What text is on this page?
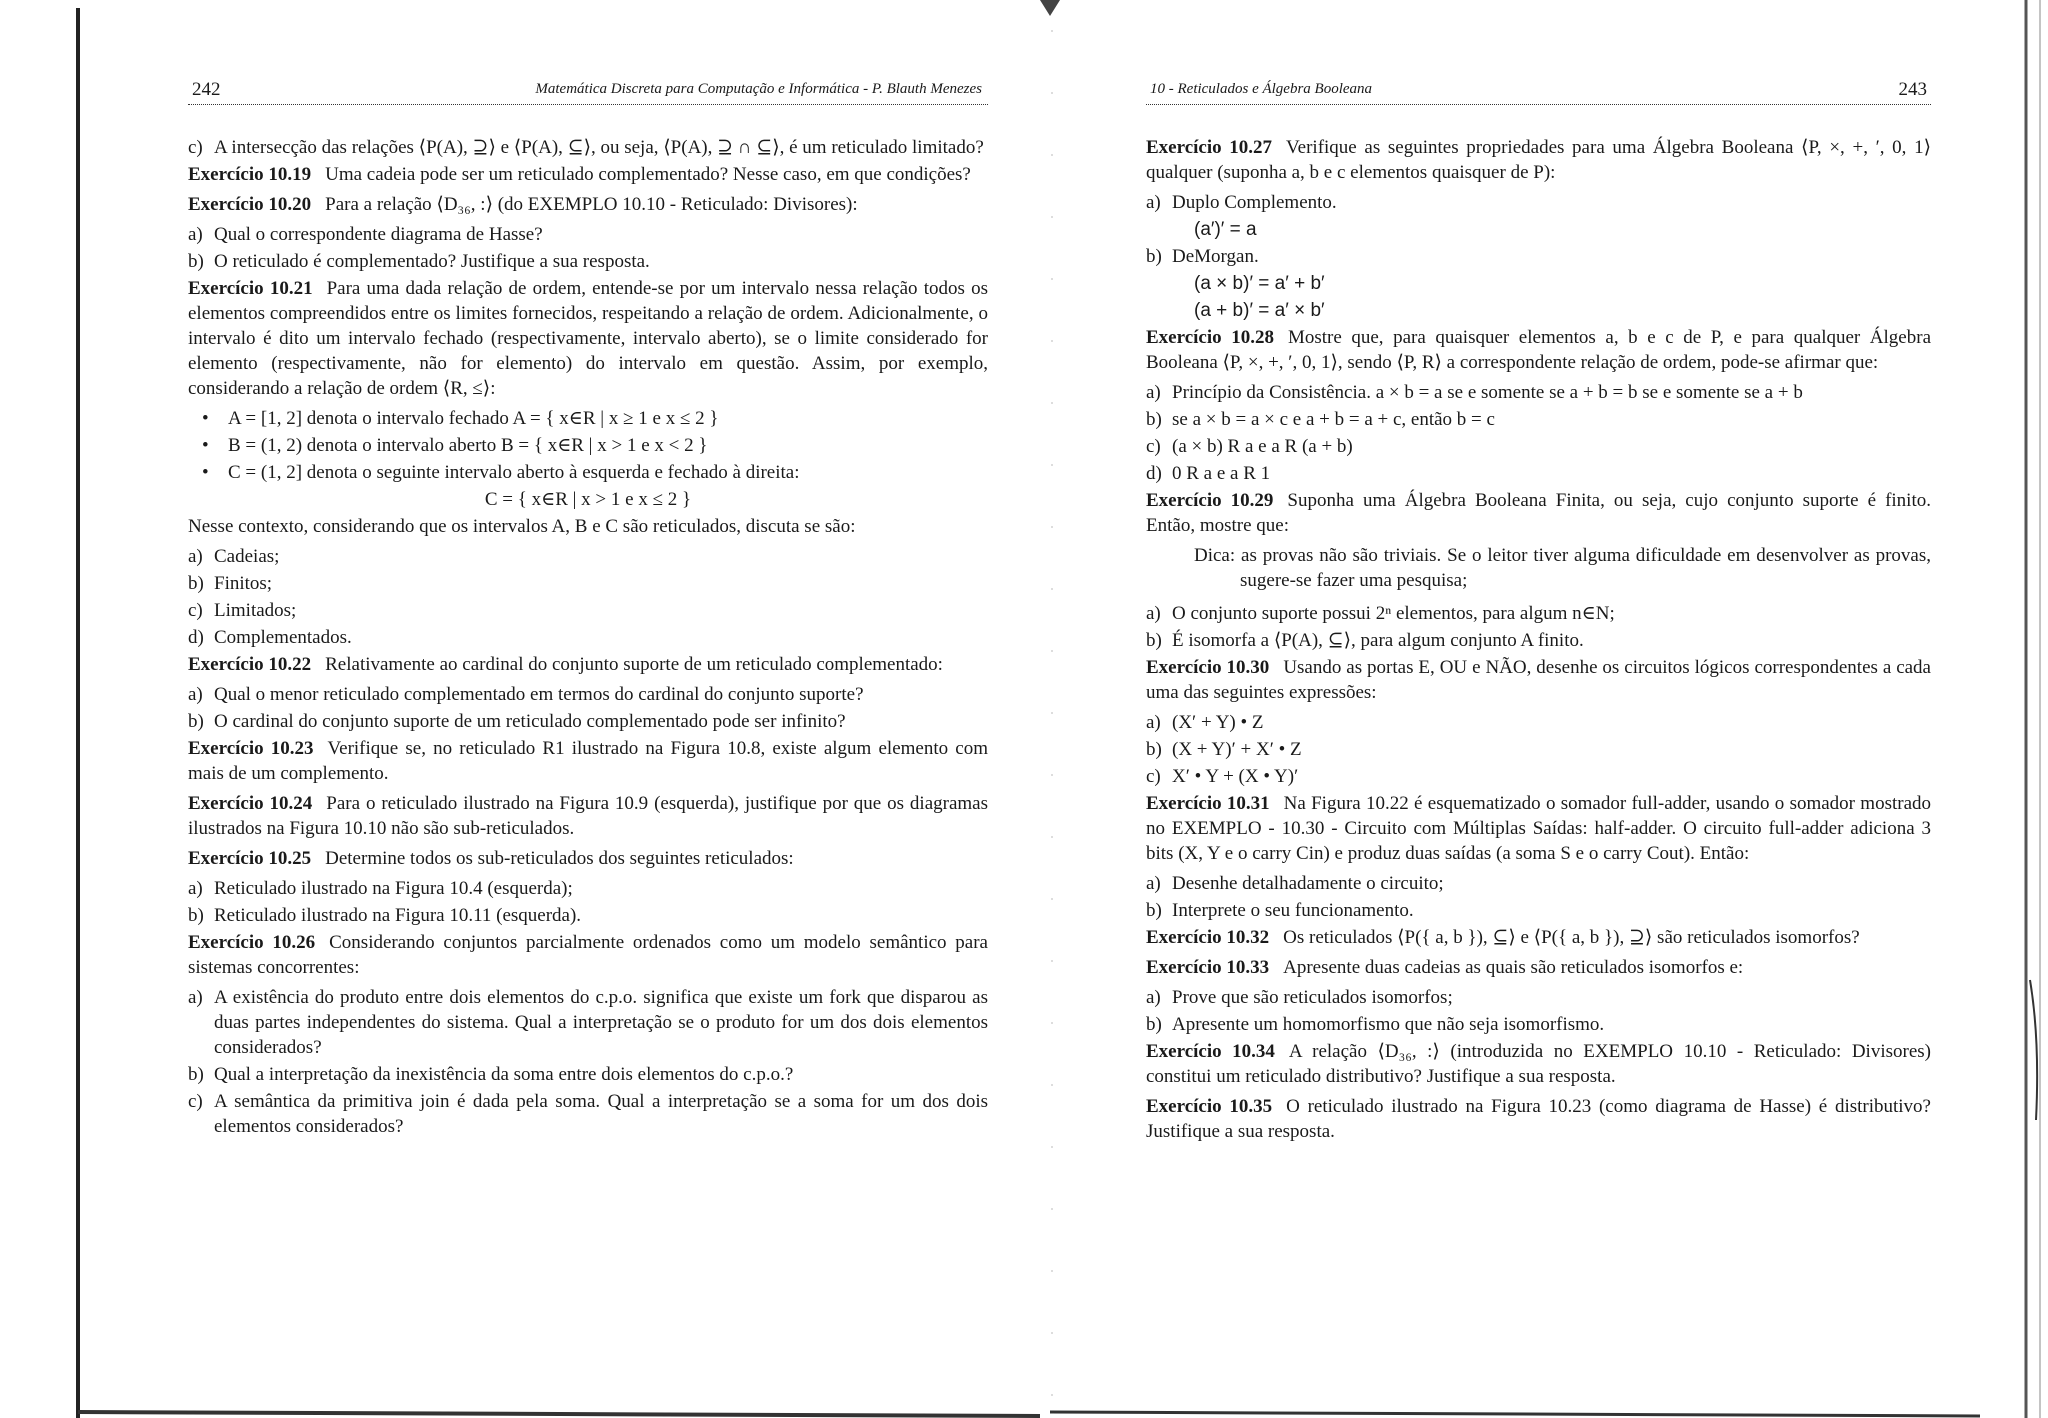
242	Matemática Discreta para Computação e Informática - P. Blauth Menezes
c) A intersecção das relações ⟨P(A), ⊇⟩ e ⟨P(A), ⊆⟩, ou seja, ⟨P(A), ⊇ ∩ ⊆⟩, é um reticulado limitado?
Exercício 10.19 Uma cadeia pode ser um reticulado complementado? Nesse caso, em que condições?
Exercício 10.20 Para a relação ⟨D₃₆, :⟩ (do EXEMPLO 10.10 - Reticulado: Divisores):
a) Qual o correspondente diagrama de Hasse?
b) O reticulado é complementado? Justifique a sua resposta.
Exercício 10.21 Para uma dada relação de ordem, entende-se por um intervalo nessa relação todos os elementos compreendidos entre os limites fornecidos, respeitando a relação de ordem. Adicionalmente, o intervalo é dito um intervalo fechado (respectivamente, intervalo aberto), se o limite considerado for elemento (respectivamente, não for elemento) do intervalo em questão. Assim, por exemplo, considerando a relação de ordem ⟨R, ≤⟩:
• A = [1, 2] denota o intervalo fechado A = { x∈R | x ≥ 1 e x ≤ 2 }
• B = (1, 2) denota o intervalo aberto B = { x∈R | x > 1 e x < 2 }
• C = (1, 2] denota o seguinte intervalo aberto à esquerda e fechado à direita:
C = { x∈R | x > 1 e x ≤ 2 }
Nesse contexto, considerando que os intervalos A, B e C são reticulados, discuta se são:
a) Cadeias;
b) Finitos;
c) Limitados;
d) Complementados.
Exercício 10.22 Relativamente ao cardinal do conjunto suporte de um reticulado complementado:
a) Qual o menor reticulado complementado em termos do cardinal do conjunto suporte?
b) O cardinal do conjunto suporte de um reticulado complementado pode ser infinito?
Exercício 10.23 Verifique se, no reticulado R1 ilustrado na Figura 10.8, existe algum elemento com mais de um complemento.
Exercício 10.24 Para o reticulado ilustrado na Figura 10.9 (esquerda), justifique por que os diagramas ilustrados na Figura 10.10 não são sub-reticulados.
Exercício 10.25 Determine todos os sub-reticulados dos seguintes reticulados:
a) Reticulado ilustrado na Figura 10.4 (esquerda);
b) Reticulado ilustrado na Figura 10.11 (esquerda).
Exercício 10.26 Considerando conjuntos parcialmente ordenados como um modelo semântico para sistemas concorrentes:
a) A existência do produto entre dois elementos do c.p.o. significa que existe um fork que disparou as duas partes independentes do sistema. Qual a interpretação se o produto for um dos dois elementos considerados?
b) Qual a interpretação da inexistência da soma entre dois elementos do c.p.o.?
c) A semântica da primitiva join é dada pela soma. Qual a interpretação se a soma for um dos dois elementos considerados?
10 - Reticulados e Álgebra Booleana	243
Exercício 10.27 Verifique as seguintes propriedades para uma Álgebra Booleana ⟨P, ×, +, ′, 0, 1⟩ qualquer (suponha a, b e c elementos quaisquer de P):
a) Duplo Complemento.
(a′)′ = a
b) DeMorgan.
(a × b)′ = a′ + b′
(a + b)′ = a′ × b′
Exercício 10.28 Mostre que, para quaisquer elementos a, b e c de P, e para qualquer Álgebra Booleana ⟨P, ×, +, ′, 0, 1⟩, sendo ⟨P, R⟩ a correspondente relação de ordem, pode-se afirmar que:
a) Princípio da Consistência. a × b = a se e somente se a + b = b se e somente se a + b
b) se a × b = a × c e a + b = a + c, então b = c
c) (a × b) R a e a R (a + b)
d) 0 R a e a R 1
Exercício 10.29 Suponha uma Álgebra Booleana Finita, ou seja, cujo conjunto suporte é finito. Então, mostre que:
Dica: as provas não são triviais. Se o leitor tiver alguma dificuldade em desenvolver as provas, sugere-se fazer uma pesquisa;
a) O conjunto suporte possui 2ⁿ elementos, para algum n∈N;
b) É isomorfa a ⟨P(A), ⊆⟩, para algum conjunto A finito.
Exercício 10.30 Usando as portas E, OU e NÃO, desenhe os circuitos lógicos correspondentes a cada uma das seguintes expressões:
a) (X′ + Y) • Z
b) (X + Y)′ + X′ • Z
c) X′ • Y + (X • Y)′
Exercício 10.31 Na Figura 10.22 é esquematizado o somador full-adder, usando o somador mostrado no EXEMPLO - 10.30 - Circuito com Múltiplas Saídas: half-adder. O circuito full-adder adiciona 3 bits (X, Y e o carry Cin) e produz duas saídas (a soma S e o carry Cout). Então:
a) Desenhe detalhadamente o circuito;
b) Interprete o seu funcionamento.
Exercício 10.32 Os reticulados ⟨P({ a, b }), ⊆⟩ e ⟨P({ a, b }), ⊇⟩ são reticulados isomorfos?
Exercício 10.33 Apresente duas cadeias as quais são reticulados isomorfos e:
a) Prove que são reticulados isomorfos;
b) Apresente um homomorfismo que não seja isomorfismo.
Exercício 10.34 A relação ⟨D₃₆, :⟩ (introduzida no EXEMPLO 10.10 - Reticulado: Divisores) constitui um reticulado distributivo? Justifique a sua resposta.
Exercício 10.35 O reticulado ilustrado na Figura 10.23 (como diagrama de Hasse) é distributivo? Justifique a sua resposta.
